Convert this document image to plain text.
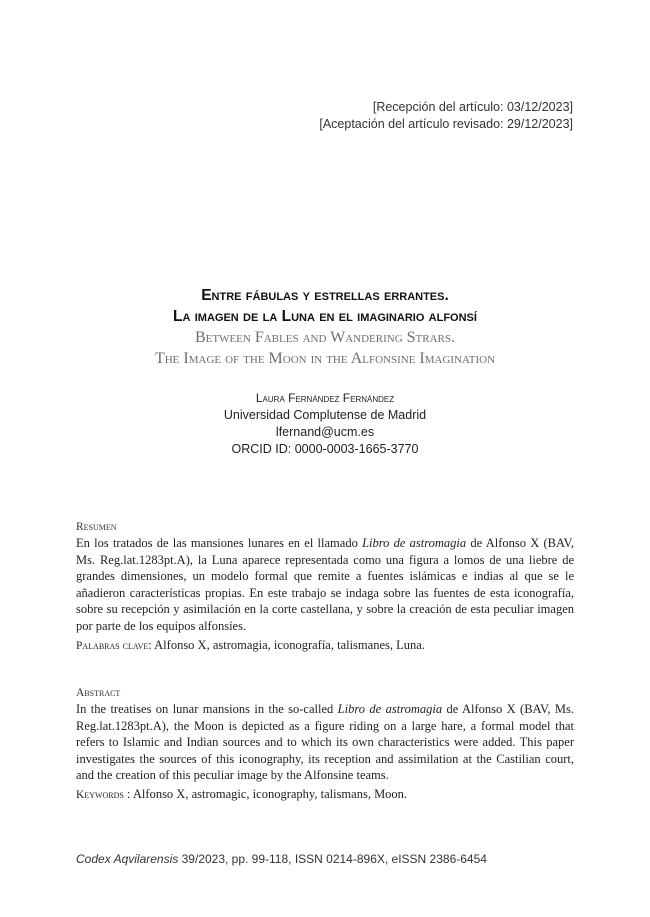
[Recepción del artículo: 03/12/2023]
[Aceptación del artículo revisado: 29/12/2023]

Entre fábulas y estrellas errantes.

La imagen de la Luna en el imaginario alfonsí

Between Fables and Wandering Strars.

The Image of the Moon in the Alfonsine Imagination

Laura Fernández Fernández
Universidad Complutense de Madrid
lfernand@ucm.es
ORCID ID: 0000-0003-1665-3770
Resumen

En los tratados de las mansiones lunares en el llamado Libro de astromagia de Alfonso X (BAV, Ms. Reg.lat.1283pt.A), la Luna aparece representada como una figura a lomos de una liebre de grandes dimensiones, un modelo formal que remite a fuentes islámicas e indias al que se le añadieron características propias. En este trabajo se indaga sobre las fuentes de esta iconografía, sobre su recepción y asimilación en la corte castellana, y sobre la creación de esta peculiar imagen por parte de los equipos alfonsíes.

Palabras clave: Alfonso X, astromagia, iconografía, talismanes, Luna.
Abstract

In the treatises on lunar mansions in the so-called Libro de astromagia de Alfonso X (BAV, Ms. Reg.lat.1283pt.A), the Moon is depicted as a figure riding on a large hare, a formal model that refers to Islamic and Indian sources and to which its own characteristics were added. This paper investigates the sources of this iconography, its reception and assimilation at the Castilian court, and the creation of this peculiar image by the Alfonsine teams.

Keywords : Alfonso X, astromagic, iconography, talismans, Moon.
Codex Aqvilarensis 39/2023, pp. 99-118, ISSN 0214-896X, eISSN 2386-6454
